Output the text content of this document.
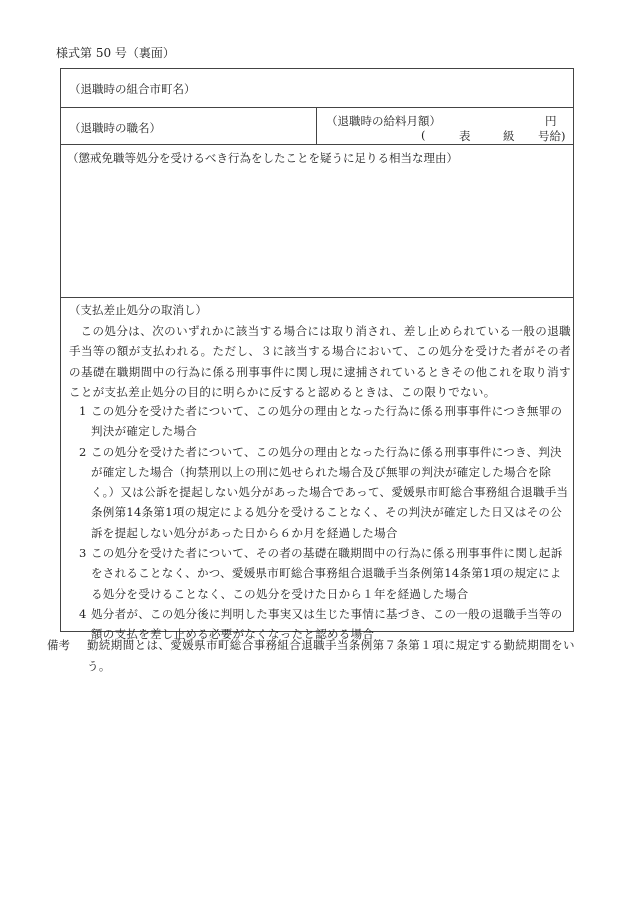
様式第 50 号（裏面）
（退職時の組合市町名）
（退職時の職名）	（退職時の給料月額）	円
(	表	級 号給)
（懲戒免職等処分を受けるべき行為をしたことを疑うに足りる相当な理由）
（支払差止処分の取消し）
この処分は、次のいずれかに該当する場合には取り消され、差し止められている一般の退職手当等の額が支払われる。ただし、３に該当する場合において、この処分を受けた者がその者の基礎在職期間中の行為に係る刑事事件に関し現に逮捕されているときその他これを取り消すことが支払差止処分の目的に明らかに反すると認めるときは、この限りでない。
1 この処分を受けた者について、この処分の理由となった行為に係る刑事事件につき無罪の判決が確定した場合
2 この処分を受けた者について、この処分の理由となった行為に係る刑事事件につき、判決が確定した場合（拘禁刑以上の刑に処せられた場合及び無罪の判決が確定した場合を除く。）又は公訴を提起しない処分があった場合であって、愛媛県市町総合事務組合退職手当条例第14条第1項の規定による処分を受けることなく、その判決が確定した日又はその公訴を提起しない処分があった日から６か月を経過した場合
3 この処分を受けた者について、その者の基礎在職期間中の行為に係る刑事事件に関し起訴をされることなく、かつ、愛媛県市町総合事務組合退職手当条例第14条第1項の規定による処分を受けることなく、この処分を受けた日から１年を経過した場合
4 処分者が、この処分後に判明した事実又は生じた事情に基づき、この一般の退職手当等の額の支払を差し止める必要がなくなったと認める場合
備考	勤続期間とは、愛媛県市町総合事務組合退職手当条例第７条第１項に規定する勤続期間をいう。
